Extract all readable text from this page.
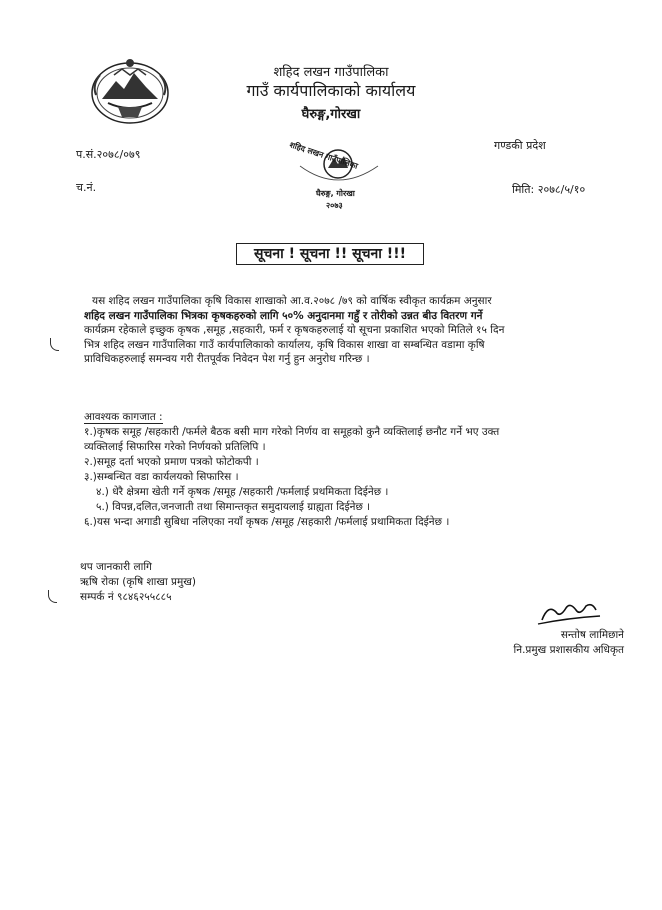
शहिद लखन गाउँपालिका
गाउँ कार्यपालिकाको कार्यालय
घैरुङ्ग,गोरखा
गण्डकी प्रदेश
प.सं.२०७८/०७९
च.नं.	मिति: २०७८/५/१०
शहिद लखन गाउँपालिका
घैरुङ्ग, गोरखा
२०७३
सूचना ! सूचना !! सूचना !!!
यस शहिद लखन गाउँपालिका कृषि विकास शाखाको आ.व.२०७८ /७९ को वार्षिक स्वीकृत कार्यक्रम अनुसार
शहिद लखन गाउँपालिका भित्रका कृषकहरुको लागि ५०% अनुदानमा गहुँ र तोरीको उन्नत बीउ वितरण गर्ने
कार्यक्रम रहेकाले इच्छुक कृषक ,समूह ,सहकारी, फर्म र कृषकहरुलाई यो सूचना प्रकाशित भएको मितिले १५ दिन
भित्र शहिद लखन गाउँपालिका गाउँ कार्यपालिकाको कार्यालय, कृषि विकास शाखा वा सम्बन्धित वडामा कृषि
प्राविधिकहरुलाई समन्वय गरी रीतपूर्वक निवेदन पेश गर्नु हुन अनुरोध गरिन्छ ।
आवश्यक कागजात :
१.)कृषक समूह /सहकारी /फर्मले बैठक बसी माग गरेको निर्णय वा समूहको कुनै व्यक्तिलाई छनौट गर्ने भए उक्त
व्यक्तिलाई सिफारिस गरेको निर्णयको प्रतिलिपि ।
२.)समूह दर्ता भएको प्रमाण पत्रको फोटोकपी ।
३.)सम्बन्धित वडा कार्यलयको सिफारिस ।
४.) धेरै क्षेत्रमा खेती गर्ने कृषक /समूह /सहकारी /फर्मलाई प्रथमिकता दिईनेछ ।
५.) विपन्न,दलित,जनजाती तथा सिमान्तकृत समुदायलाई ग्राह्यता दिईनेछ ।
६.)यस भन्दा अगाडी सुबिधा नलिएका नयाँ कृषक /समूह /सहकारी /फर्मलाई प्रथामिकता दिईनेछ ।
थप जानकारी लागि
ऋषि रोका (कृषि शाखा प्रमुख)
सम्पर्क नं ९८४६२५५८८५
सन्तोष लामिछाने
नि.प्रमुख प्रशासकीय अधिकृत
